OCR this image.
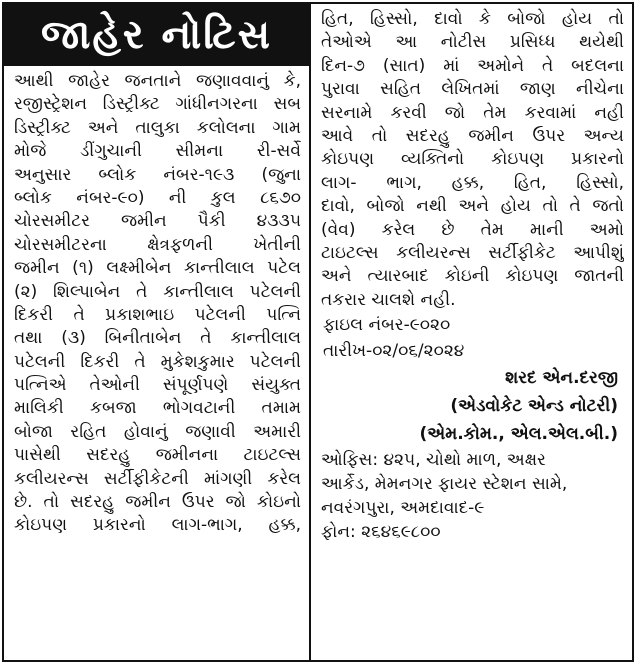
જાહેર નોટિસ
આથી જાહેર જનતાને જણાવવાનું કે,
રજીસ્ટ્રેશન ડિસ્ટ્રીક્ટ ગાંધીનગરના સબ
ડિસ્ટ્રીક્ટ અને તાલુકા કલોલના ગામ
મોજે ડીંગુચાની સીમના રી-સર્વે
અનુસાર બ્લોક નંબર-૧૯૩ (જુના
બ્લોક નંબર-૯૦) ની કુલ ૮૬૭૦
ચોરસમીટર જમીન પૈકી ૪૩૩૫
ચોરસમીટરના ક્ષેત્રફળની ખેતીની
જમીન (૧) લક્ષ્મીબેન કાન્તીલાલ પટેલ
(૨) શિલ્પાબેન તે કાન્તીલાલ પટેલની
દિકરી તે પ્રકાશભાઇ પટેલની પત્નિ
તથા (૩) બિનીતાબેન તે કાન્તીલાલ
પટેલની દિકરી તે મુકેશકુમાર પટેલની
પત્નિએ તેઓની સંપૂર્ણપણે સંયુક્ત
માલિકી કબજા ભોગવટાની તમામ
બોજા રહિત હોવાનું જણાવી અમારી
પાસેથી સદરહુ જમીનના ટાઇટલ્સ
કલીયરન્સ સર્ટીફીકેટની માંગણી કરેલ
છે. તો સદરહુ જમીન ઉપર જો કોઇનો
કોઇપણ પ્રકારનો લાગ-ભાગ, હક્ક,
હિત, હિસ્સો, દાવો કે બોજો હોય તો
તેઓએ આ નોટીસ પ્રસિધ્ધ થયેથી
દિન-૭ (સાત) માં અમોને તે બદલના
પુરાવા સહિત લેખિતમાં જાણ નીચેના
સરનામે કરવી જો તેમ કરવામાં નહી
આવે તો સદરહુ જમીન ઉપર અન્ય
કોઇપણ વ્યક્તિનો કોઇપણ પ્રકારનો
લાગ- ભાગ, હક્ક, હિત, હિસ્સો,
દાવો, બોજો નથી અને હોય તો તે જતો
(વેવ) કરેલ છે તેમ માની અમો
ટાઇટલ્સ કલીયરન્સ સર્ટીફીકેટ આપીશું
અને ત્યારબાદ કોઇની કોઇપણ જાતની
તકરાર ચાલશે નહી.
ફાઇલ નંબર-૯૦૨૦
તારીખ-૦૨/૦૬/૨૦૨૪
શરદ એન.દરજી
(એડવોકેટ એન્ડ નોટરી)
(એમ.કોમ., એલ.એલ.બી.)
ઓફિસ: ૪૨૫, ચોથો માળ, અક્ષર
આર્કેડ, મેમનગર ફાયર સ્ટેશન સામે,
નવરંગપુરા, અમદાવાદ-૯
ફોન: ૨૬૪૬૯૮૦૦
